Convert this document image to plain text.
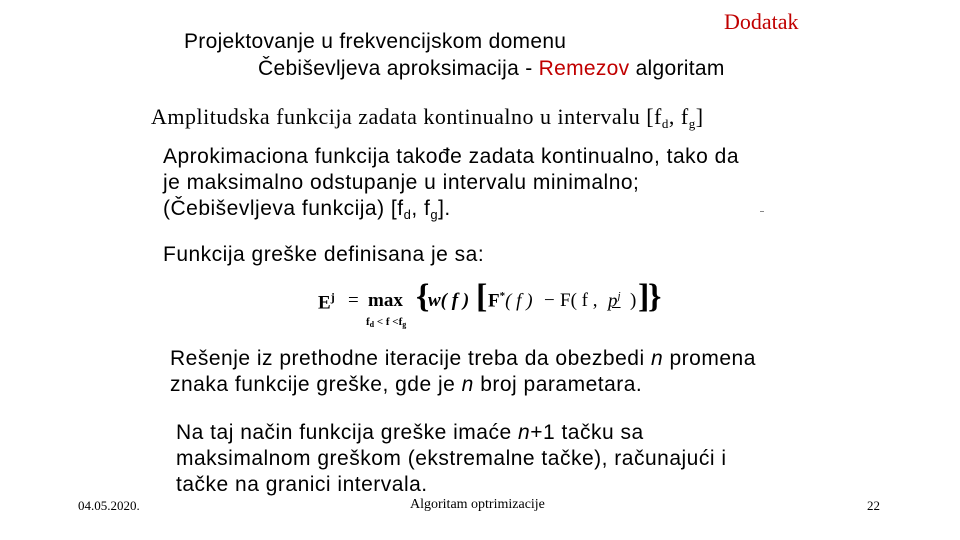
Dodatak
Projektovanje u frekvencijskom domenu
Čebiševljeva aproksimacija - Remezov algoritam
Amplitudska funkcija zadata kontinualno u intervalu [$f_d$, $f_g$]
Aprokimaciona funkcija takođe zadata kontinualno, tako da
je maksimalno odstupanje u intervalu minimalno;
(Čebiševljeva funkcija) [$f_d$, $f_g$].
Funkcija greške definisana je sa:
$E^j = \max$
$f_d < f <f_g$
{
w( f ) [ F*( f ) − F( f , $p^j$ ) ]
}
Rešenje iz prethodne iteracije treba da obezbedi n promena
znaka funkcije greške, gde je n broj parametara.
Na taj način funkcija greške imaće n+1 tačku sa
maksimalnom greškom (ekstremalne tačke), računajući i
tačke na granici intervala.
04.05.2020.	Algoritam optrimizacije	22
